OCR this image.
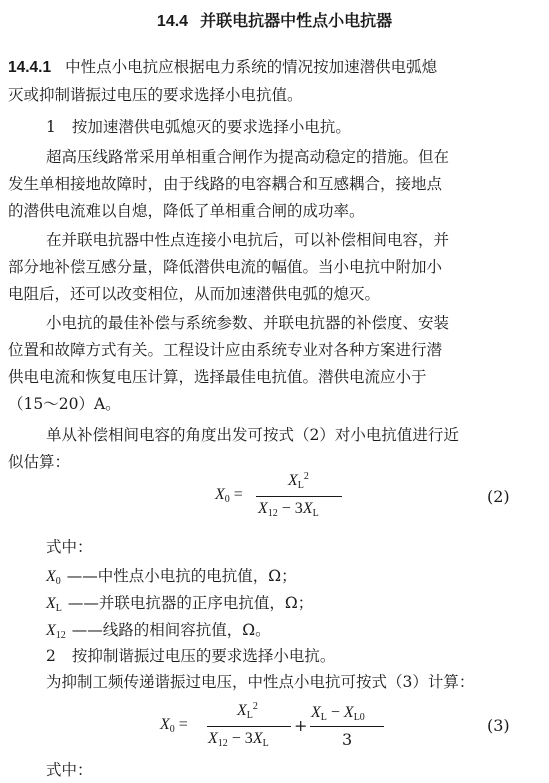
14.4 并联电抗器中性点小电抗器
14.4.1 中性点小电抗应根据电力系统的情况按加速潜供电弧熄
灭或抑制谐振过电压的要求选择小电抗值。
1 按加速潜供电弧熄灭的要求选择小电抗。
超高压线路常采用单相重合闸作为提高动稳定的措施。但在
发生单相接地故障时，由于线路的电容耦合和互感耦合，接地点
的潜供电流难以自熄，降低了单相重合闸的成功率。
在并联电抗器中性点连接小电抗后，可以补偿相间电容，并
部分地补偿互感分量，降低潜供电流的幅值。当小电抗中附加小
电阻后，还可以改变相位，从而加速潜供电弧的熄灭。
小电抗的最佳补偿与系统参数、并联电抗器的补偿度、安装
位置和故障方式有关。工程设计应由系统专业对各种方案进行潜
供电电流和恢复电压计算，选择最佳电抗值。潜供电流应小于
（15～20）A。
单从补偿相间电容的角度出发可按式（2）对小电抗值进行近
似估算：
$X_0$ =
$X_L^2$
$X_{12} - 3X_L$
(2)
式中：
$X_0$ ——中性点小电抗的电抗值，Ω；
$X_L$ ——并联电抗器的正序电抗值，Ω；
$X_{12}$ ——线路的相间容抗值，Ω。
2 按抑制谐振过电压的要求选择小电抗。
为抑制工频传递谐振过电压，中性点小电抗可按式（3）计算：
$X_0$ =
$X_L^2$
$X_{12} - 3X_L$
+
$X_L - X_{L0}$
3
(3)
式中：
